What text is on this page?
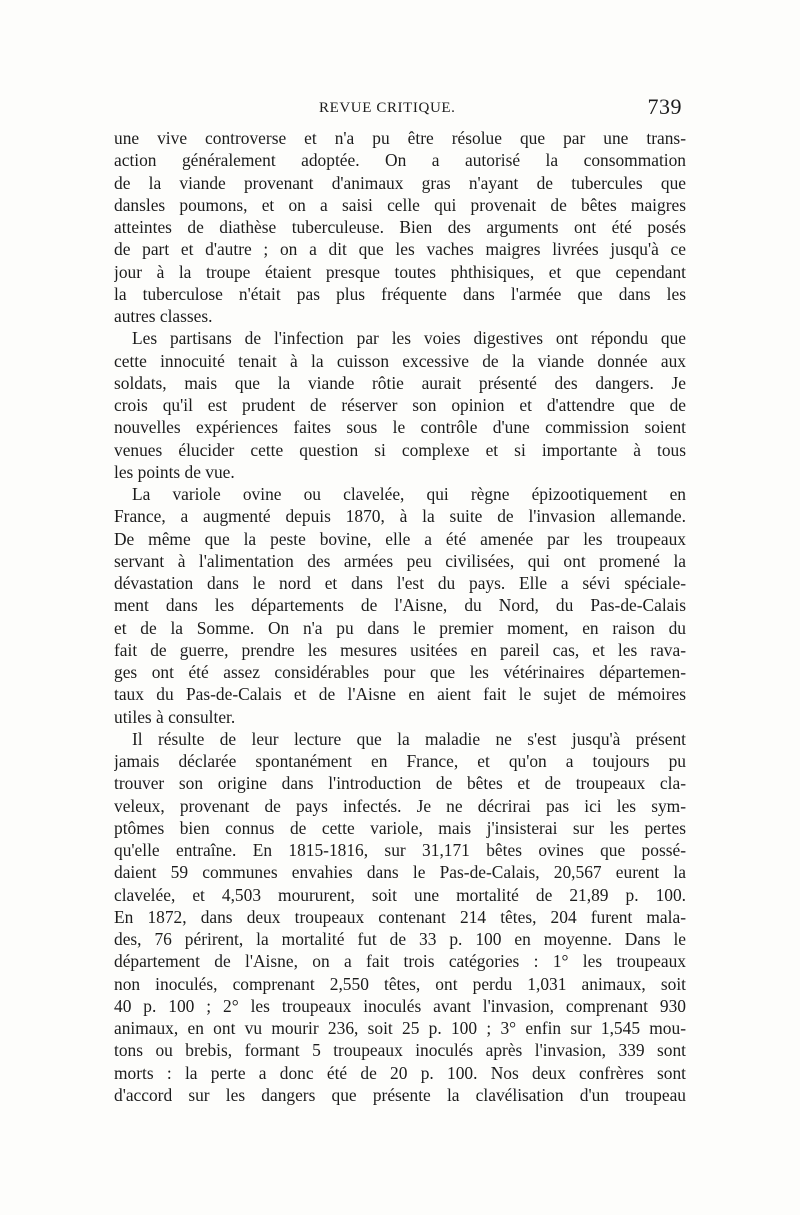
REVUE CRITIQUE.	739
une vive controverse et n'a pu être résolue que par une trans-
action généralement adoptée. On a autorisé la consommation
de la viande provenant d'animaux gras n'ayant de tubercules que
dansles poumons, et on a saisi celle qui provenait de bêtes maigres
atteintes de diathèse tuberculeuse. Bien des arguments ont été posés
de part et d'autre ; on a dit que les vaches maigres livrées jusqu'à ce
jour à la troupe étaient presque toutes phthisiques, et que cependant
la tuberculose n'était pas plus fréquente dans l'armée que dans les
autres classes.
Les partisans de l'infection par les voies digestives ont répondu que
cette innocuité tenait à la cuisson excessive de la viande donnée aux
soldats, mais que la viande rôtie aurait présenté des dangers. Je
crois qu'il est prudent de réserver son opinion et d'attendre que de
nouvelles expériences faites sous le contrôle d'une commission soient
venues élucider cette question si complexe et si importante à tous
les points de vue.
La variole ovine ou clavelée, qui règne épizootiquement en
France, a augmenté depuis 1870, à la suite de l'invasion allemande.
De même que la peste bovine, elle a été amenée par les troupeaux
servant à l'alimentation des armées peu civilisées, qui ont promené la
dévastation dans le nord et dans l'est du pays. Elle a sévi spéciale-
ment dans les départements de l'Aisne, du Nord, du Pas-de-Calais
et de la Somme. On n'a pu dans le premier moment, en raison du
fait de guerre, prendre les mesures usitées en pareil cas, et les rava-
ges ont été assez considérables pour que les vétérinaires départemen-
taux du Pas-de-Calais et de l'Aisne en aient fait le sujet de mémoires
utiles à consulter.
Il résulte de leur lecture que la maladie ne s'est jusqu'à présent
jamais déclarée spontanément en France, et qu'on a toujours pu
trouver son origine dans l'introduction de bêtes et de troupeaux cla-
veleux, provenant de pays infectés. Je ne décrirai pas ici les sym-
ptômes bien connus de cette variole, mais j'insisterai sur les pertes
qu'elle entraîne. En 1815-1816, sur 31,171 bêtes ovines que possé-
daient 59 communes envahies dans le Pas-de-Calais, 20,567 eurent la
clavelée, et 4,503 moururent, soit une mortalité de 21,89 p. 100.
En 1872, dans deux troupeaux contenant 214 têtes, 204 furent mala-
des, 76 périrent, la mortalité fut de 33 p. 100 en moyenne. Dans le
département de l'Aisne, on a fait trois catégories : 1° les troupeaux
non inoculés, comprenant 2,550 têtes, ont perdu 1,031 animaux, soit
40 p. 100 ; 2° les troupeaux inoculés avant l'invasion, comprenant 930
animaux, en ont vu mourir 236, soit 25 p. 100 ; 3° enfin sur 1,545 mou-
tons ou brebis, formant 5 troupeaux inoculés après l'invasion, 339 sont
morts : la perte a donc été de 20 p. 100. Nos deux confrères sont
d'accord sur les dangers que présente la clavélisation d'un troupeau
